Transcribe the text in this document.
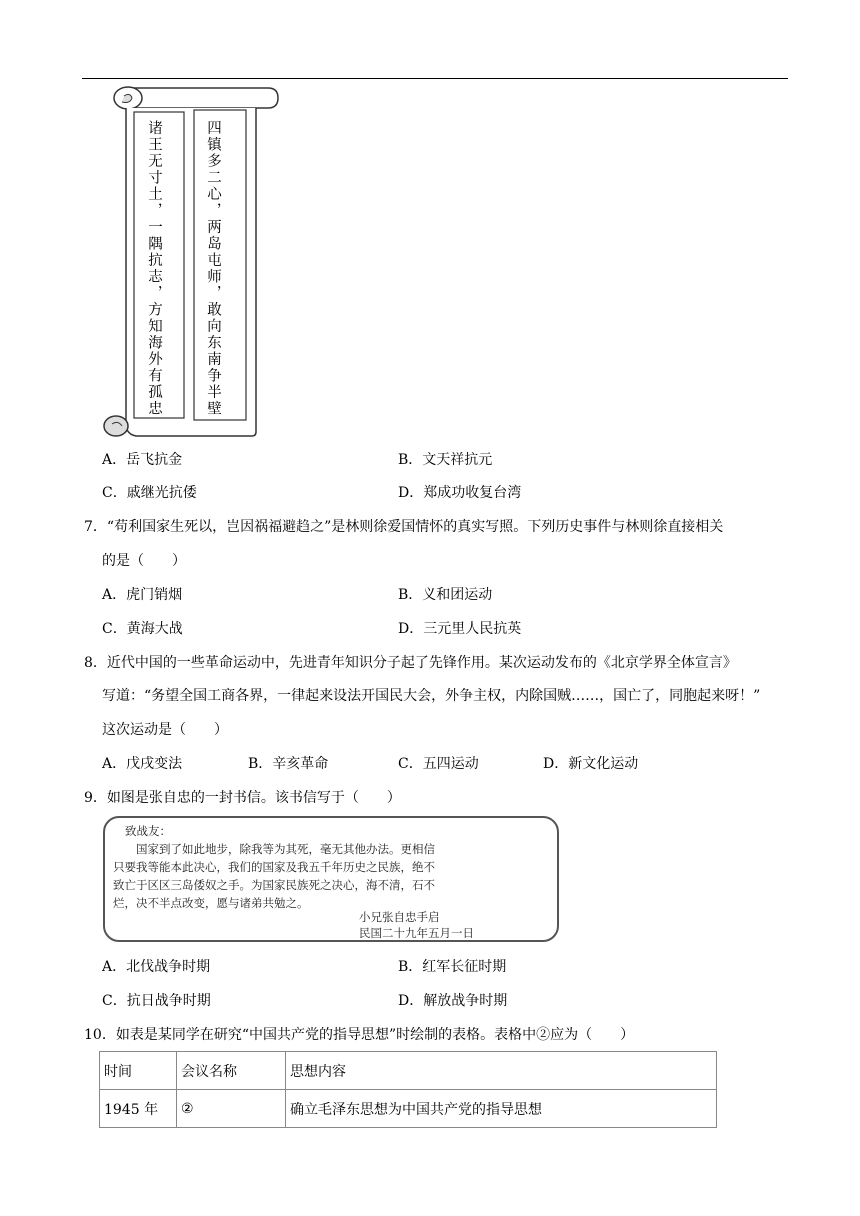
四镇多二心，两岛屯师，敢向东南争半壁
诸王无寸土，一隅抗志，方知海外有孤忠
A．岳飞抗金	B．文天祥抗元
C．戚继光抗倭	D．郑成功收复台湾
7．“苟利国家生死以，岂因祸福避趋之”是林则徐爱国情怀的真实写照。下列历史事件与林则徐直接相关
的是（　　）
A．虎门销烟	B．义和团运动
C．黄海大战	D．三元里人民抗英
8．近代中国的一些革命运动中，先进青年知识分子起了先锋作用。某次运动发布的《北京学界全体宣言》
写道：“务望全国工商各界，一律起来设法开国民大会，外争主权，内除国贼……，国亡了，同胞起来呀！”
这次运动是（　　）
A．戊戌变法	B．辛亥革命	C．五四运动	D．新文化运动
9．如图是张自忠的一封书信。该书信写于（　　）
致战友：
　　国家到了如此地步，除我等为其死，毫无其他办法。更相信
只要我等能本此决心，我们的国家及我五千年历史之民族，绝不
致亡于区区三岛倭奴之手。为国家民族死之决心，海不清，石不
烂，决不半点改变，愿与诸弟共勉之。
小兄张自忠手启
民国二十九年五月一日
A．北伐战争时期	B．红军长征时期
C．抗日战争时期	D．解放战争时期
10．如表是某同学在研究“中国共产党的指导思想”时绘制的表格。表格中②应为（　　）
时间	会议名称	思想内容
1945 年	②	确立毛泽东思想为中国共产党的指导思想
